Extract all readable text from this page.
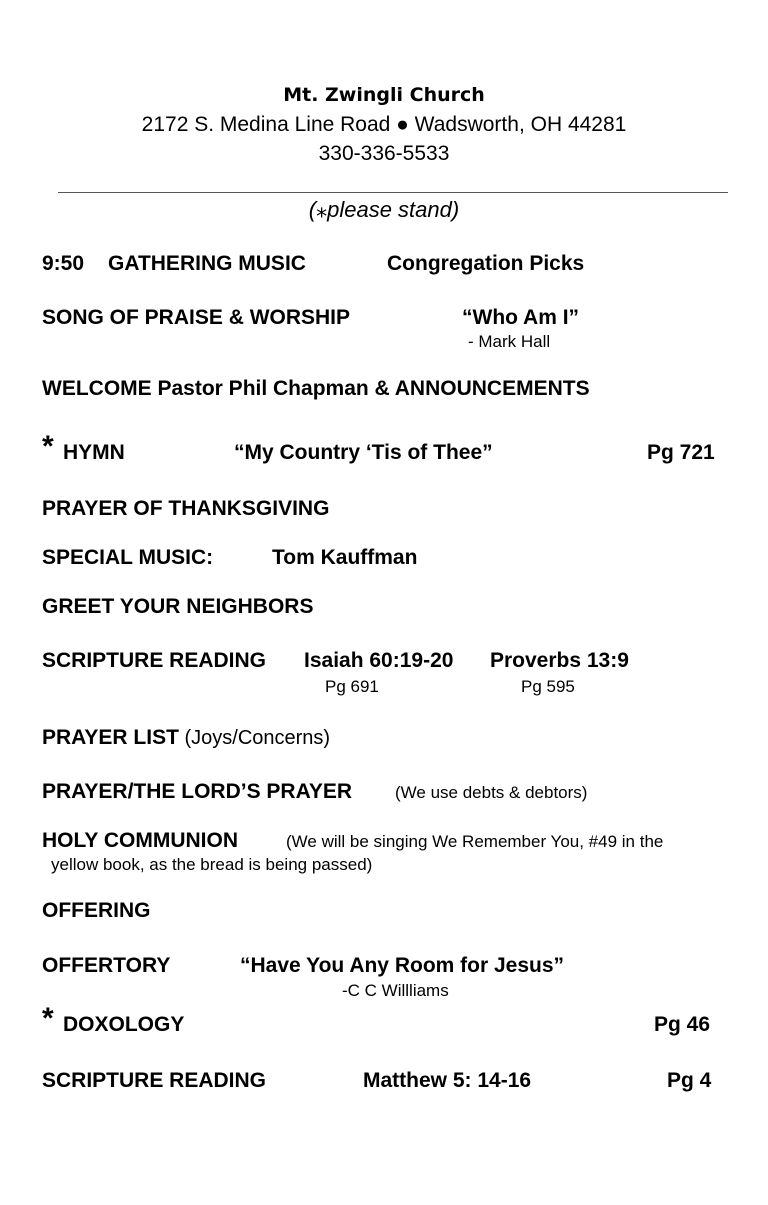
Mt. Zwingli Church
2172 S. Medina Line Road ● Wadsworth, OH 44281
330-336-5533
(⁎please stand)
9:50 GATHERING MUSIC	Congregation Picks
SONG OF PRAISE & WORSHIP	“Who Am I”
- Mark Hall
WELCOME Pastor Phil Chapman & ANNOUNCEMENTS
* HYMN	“My Country ‘Tis of Thee”	Pg 721
PRAYER OF THANKSGIVING
SPECIAL MUSIC:	Tom Kauffman
GREET YOUR NEIGHBORS
SCRIPTURE READING Isaiah 60:19-20 Proverbs 13:9
Pg 691	Pg 595
PRAYER LIST (Joys/Concerns)
PRAYER/THE LORD’S PRAYER	(We use debts & debtors)
HOLY COMMUNION	(We will be singing We Remember You, #49 in the
yellow book, as the bread is being passed)
OFFERING
OFFERTORY	“Have You Any Room for Jesus”
-C C Willliams
* DOXOLOGY	Pg 46
SCRIPTURE READING	Matthew 5: 14-16	Pg 4
